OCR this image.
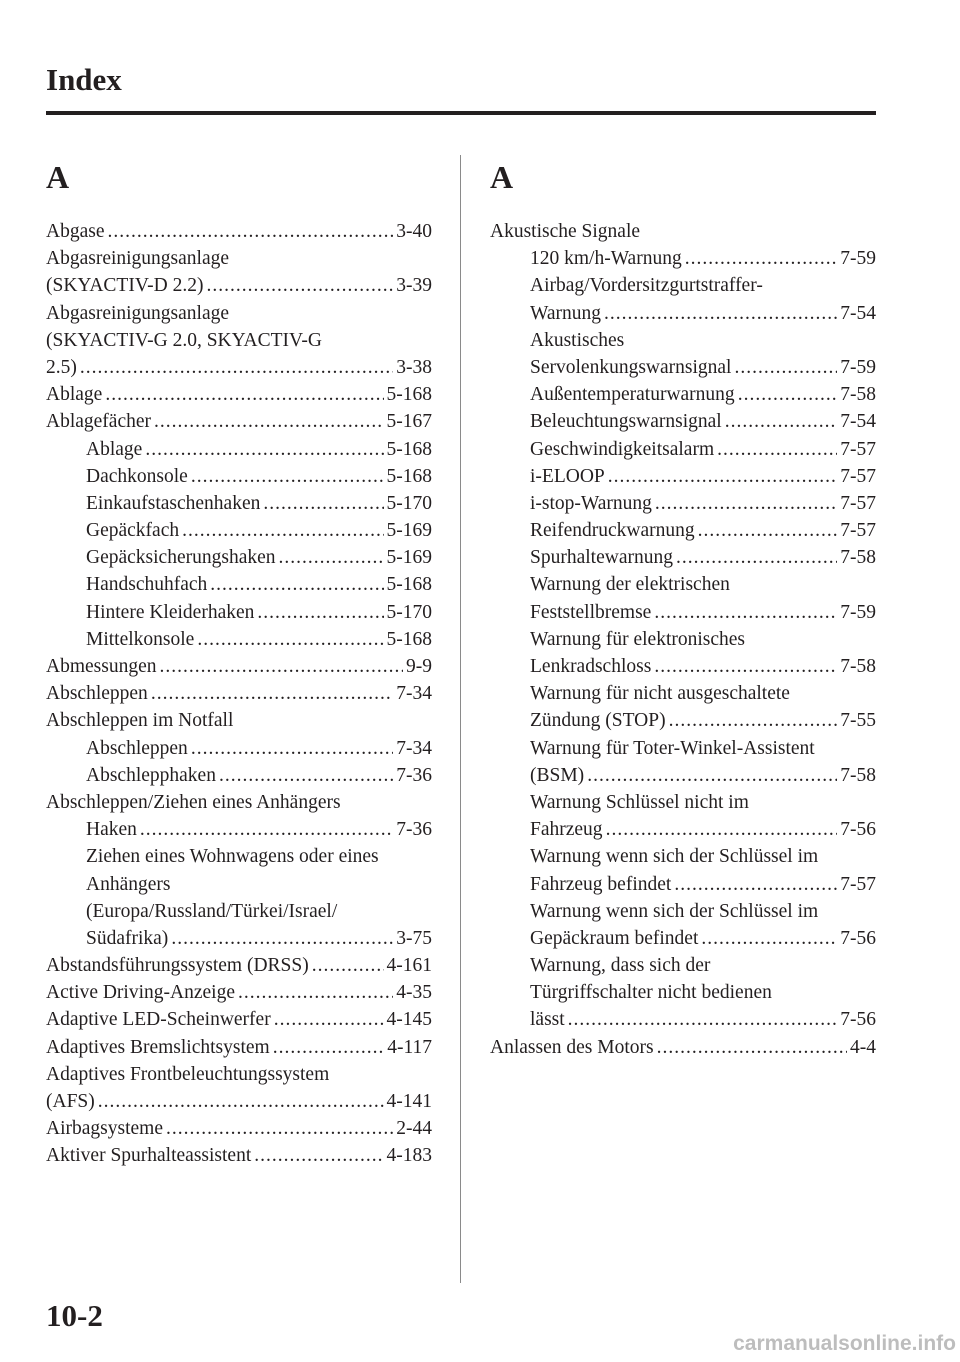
Index
A
Abgase .....	3-40
Abgasreinigungsanlage
(SKYACTIV-D 2.2) .....	3-39
Abgasreinigungsanlage
(SKYACTIV-G 2.0, SKYACTIV-G
2.5) .....	3-38
Ablage .....	5-168
Ablagefächer .....	5-167
Ablage .....	5-168
Dachkonsole .....	5-168
Einkaufstaschenhaken .....	5-170
Gepäckfach .....	5-169
Gepäcksicherungshaken .....	5-169
Handschuhfach .....	5-168
Hintere Kleiderhaken .....	5-170
Mittelkonsole .....	5-168
Abmessungen .....	9-9
Abschleppen .....	7-34
Abschleppen im Notfall
Abschleppen .....	7-34
Abschlepphaken .....	7-36
Abschleppen/Ziehen eines Anhängers
Haken .....	7-36
Ziehen eines Wohnwagens oder eines
Anhängers
(Europa/Russland/Türkei/Israel/
Südafrika) .....	3-75
Abstandsführungssystem (DRSS) .....	4-161
Active Driving-Anzeige .....	4-35
Adaptive LED-Scheinwerfer .....	4-145
Adaptives Bremslichtsystem .....	4-117
Adaptives Frontbeleuchtungssystem
(AFS) .....	4-141
Airbagsysteme .....	2-44
Aktiver Spurhalteassistent .....	4-183
A
Akustische Signale
120 km/h-Warnung .....	7-59
Airbag/Vordersitzgurtstraffer-
Warnung .....	7-54
Akustisches
Servolenkungswarnsignal .....	7-59
Außentemperaturwarnung .....	7-58
Beleuchtungswarnsignal .....	7-54
Geschwindigkeitsalarm .....	7-57
i-ELOOP .....	7-57
i-stop-Warnung .....	7-57
Reifendruckwarnung .....	7-57
Spurhaltewarnung .....	7-58
Warnung der elektrischen
Feststellbremse .....	7-59
Warnung für elektronisches
Lenkradschloss .....	7-58
Warnung für nicht ausgeschaltete
Zündung (STOP) .....	7-55
Warnung für Toter-Winkel-Assistent
(BSM) .....	7-58
Warnung Schlüssel nicht im
Fahrzeug .....	7-56
Warnung wenn sich der Schlüssel im
Fahrzeug befindet .....	7-57
Warnung wenn sich der Schlüssel im
Gepäckraum befindet .....	7-56
Warnung, dass sich der
Türgriffschalter nicht bedienen
lässt .....	7-56
Anlassen des Motors .....	4-4
10-2
carmanualsonline.info
